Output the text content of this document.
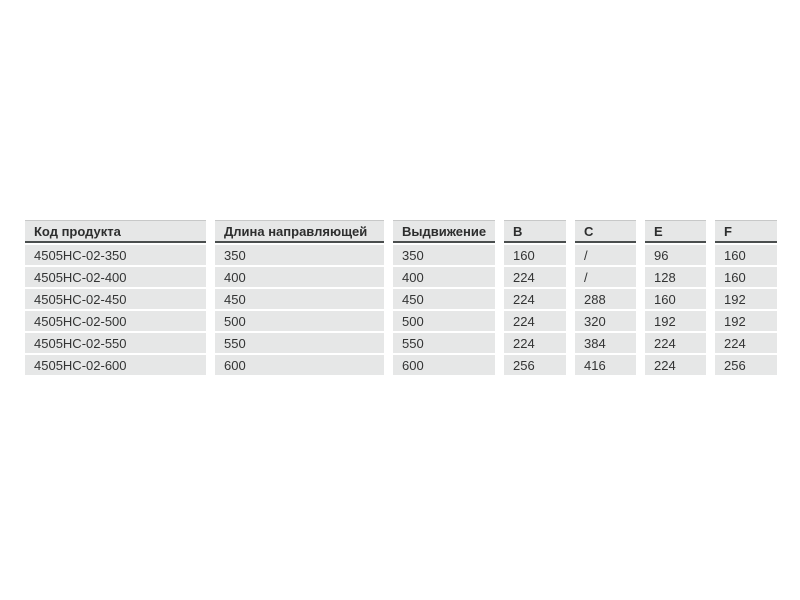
Код продукта	Длина направляющей	Выдвижение	B	C	E	F
4505HC-02-350	350	350	160	/	96	160
4505HC-02-400	400	400	224	/	128	160
4505HC-02-450	450	450	224	288	160	192
4505HC-02-500	500	500	224	320	192	192
4505HC-02-550	550	550	224	384	224	224
4505HC-02-600	600	600	256	416	224	256
